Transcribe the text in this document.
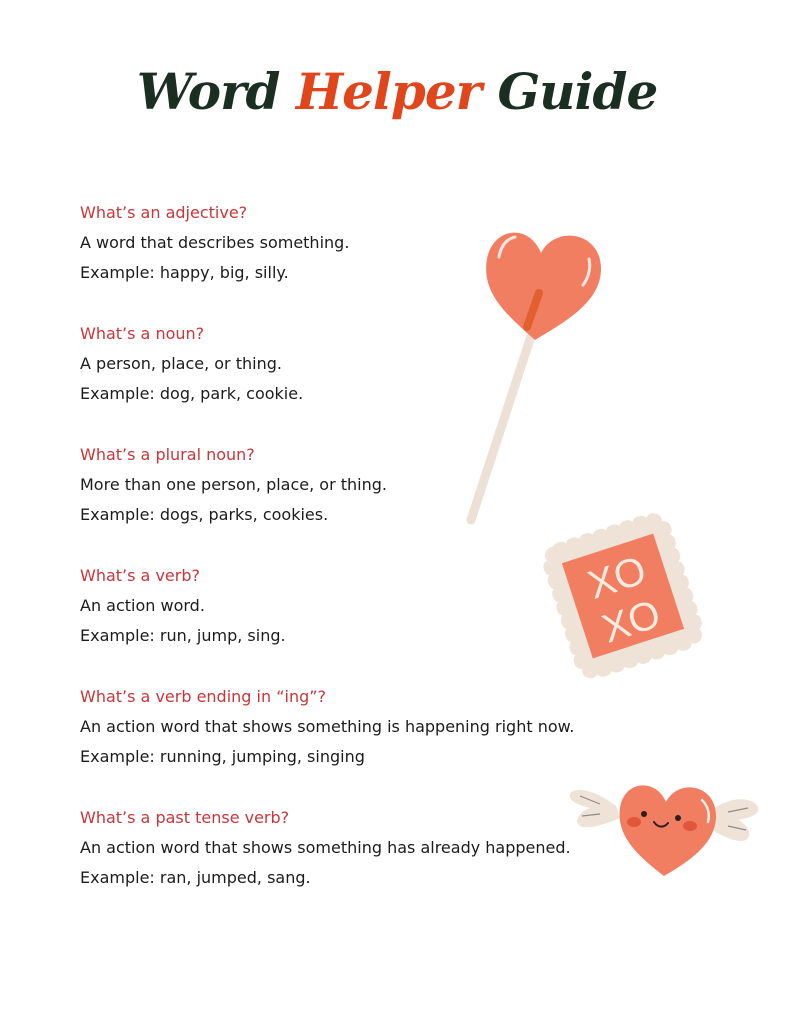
Word Helper Guide
What’s an adjective?
A word that describes something.
Example: happy, big, silly.
What’s a noun?
A person, place, or thing.
Example: dog, park, cookie.
What’s a plural noun?
More than one person, place, or thing.
Example: dogs, parks, cookies.
What’s a verb?
An action word.
Example: run, jump, sing.
What’s a verb ending in “ing”?
An action word that shows something is happening right now.
Example: running, jumping, singing
What’s a past tense verb?
An action word that shows something has already happened.
Example: ran, jumped, sang.
XO
XO
